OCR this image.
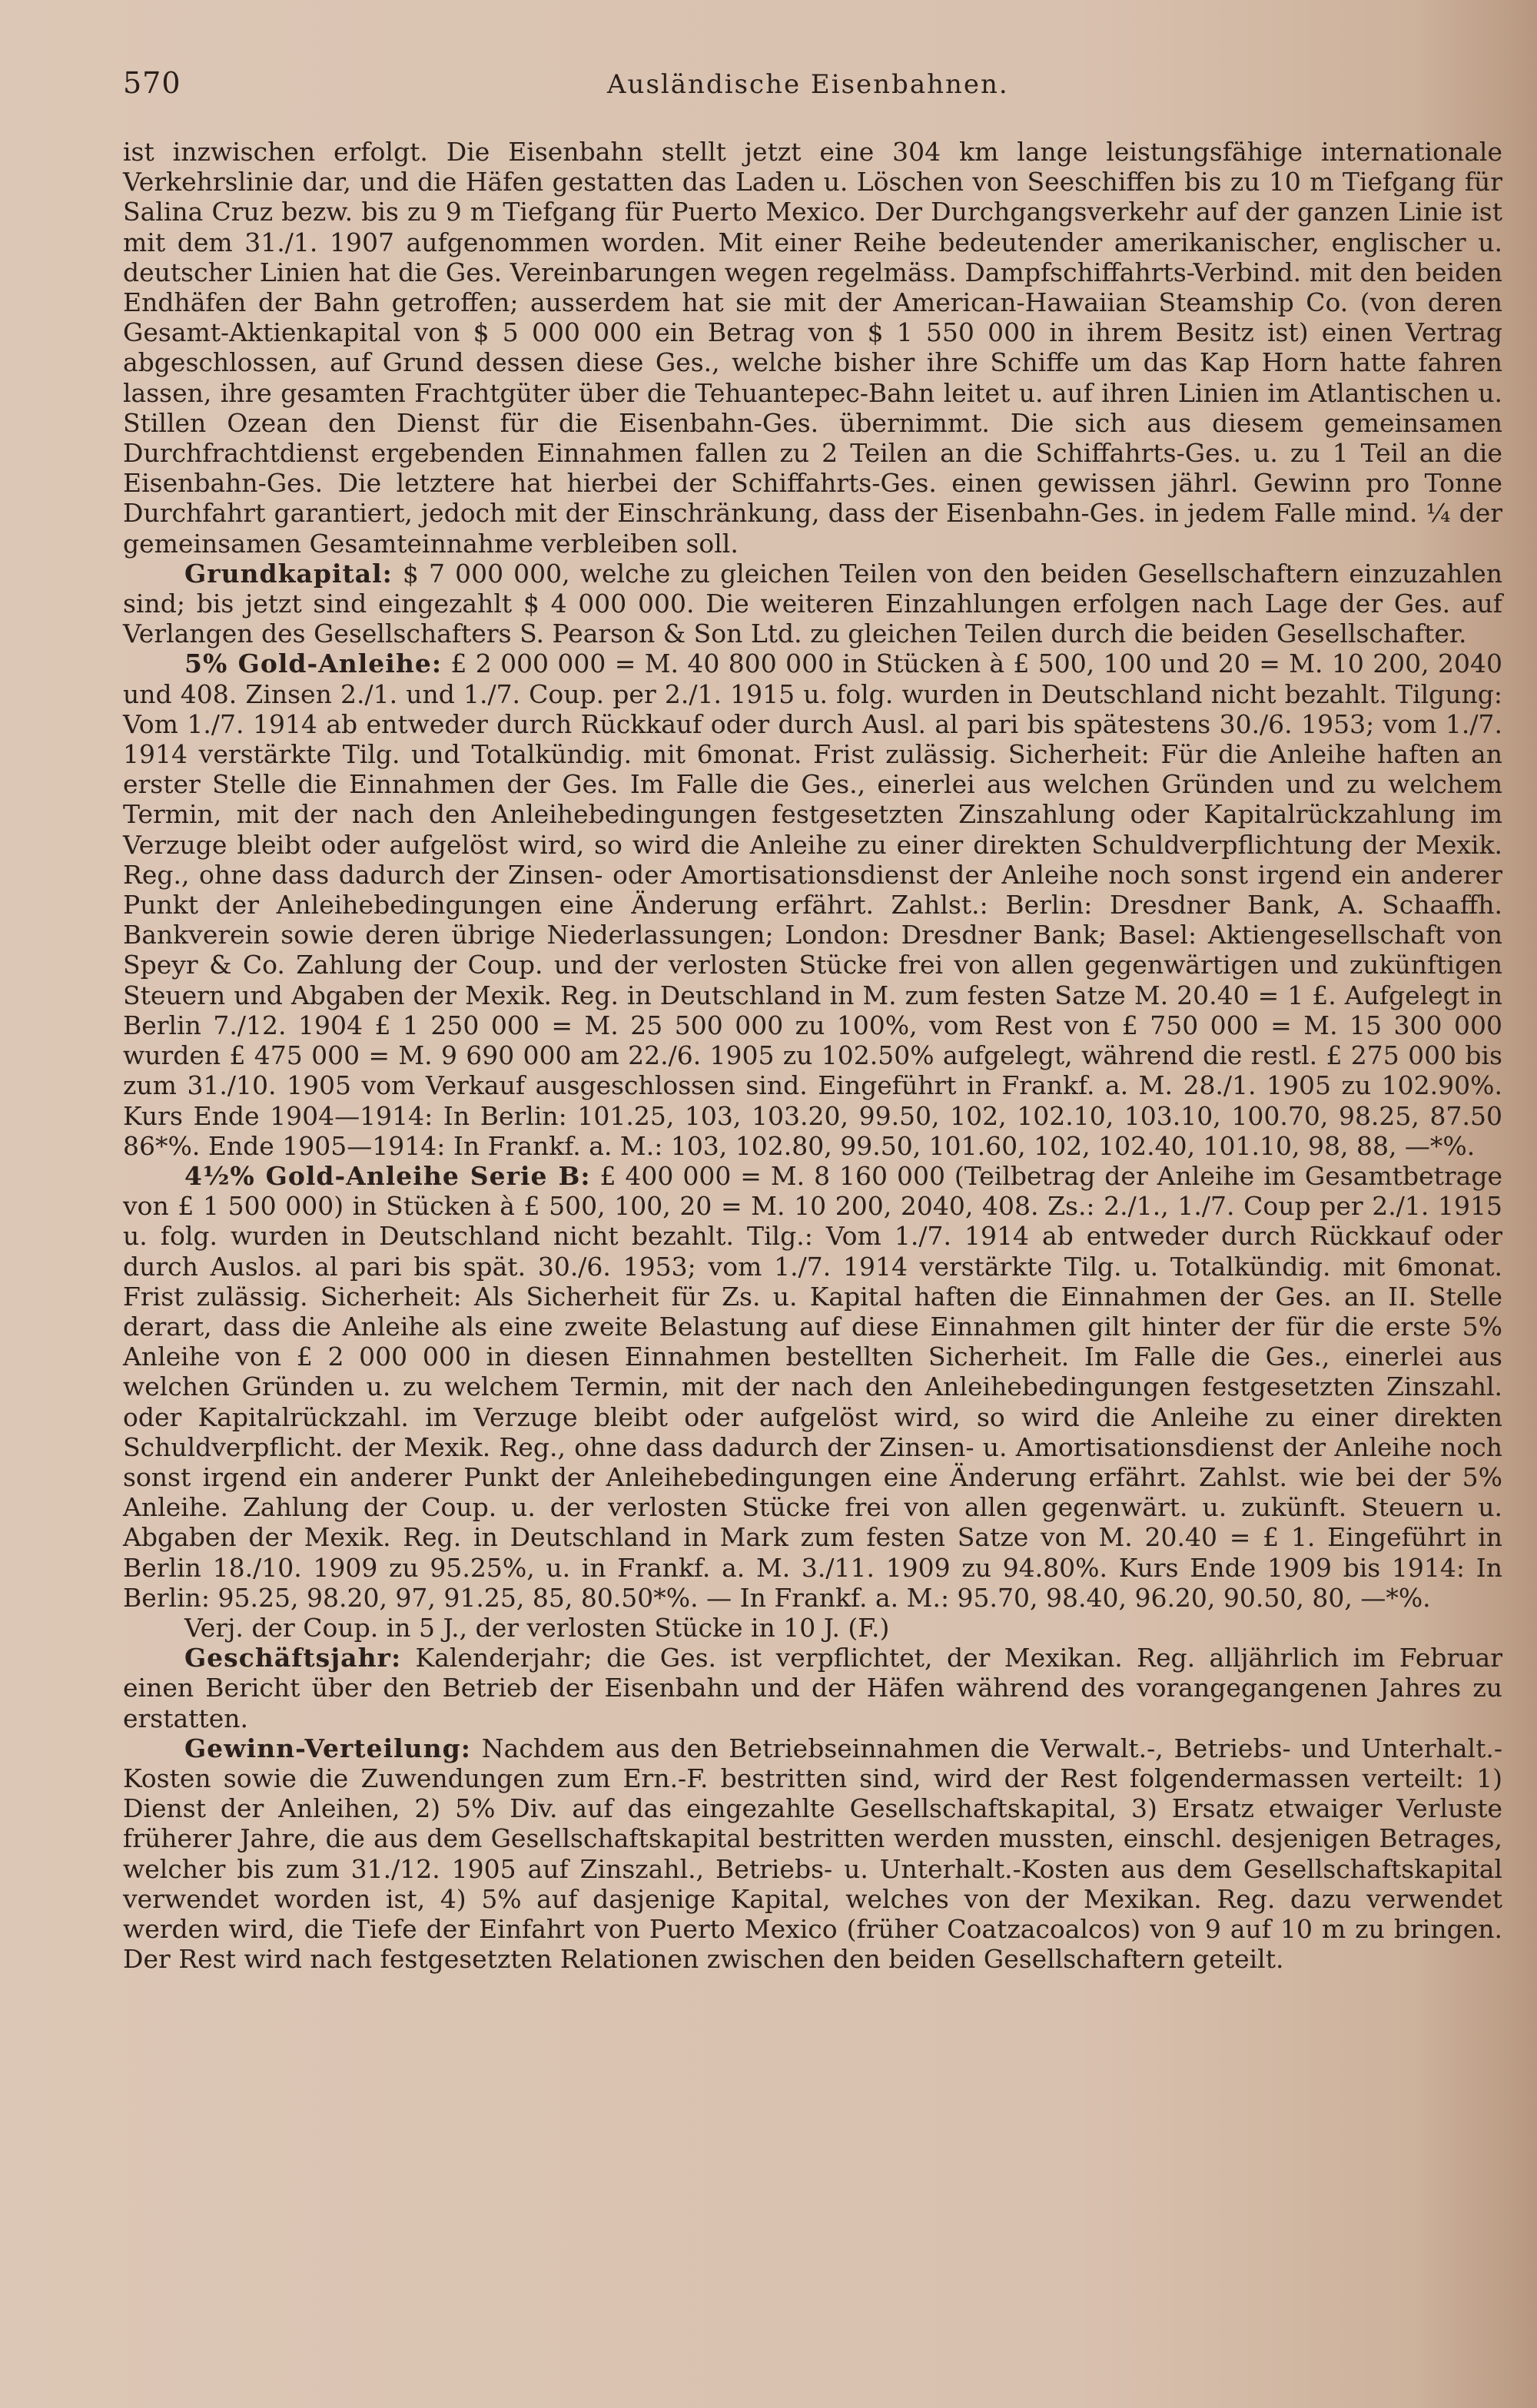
570	Ausländische Eisenbahnen.

ist inzwischen erfolgt. Die Eisenbahn stellt jetzt eine 304 km lange leistungsfähige internationale Verkehrslinie dar, und die Häfen gestatten das Laden u. Löschen von Seeschiffen bis zu 10 m Tiefgang für Salina Cruz bezw. bis zu 9 m Tiefgang für Puerto Mexico. Der Durchgangsverkehr auf der ganzen Linie ist mit dem 31./1. 1907 aufgenommen worden. Mit einer Reihe bedeutender amerikanischer, englischer u. deutscher Linien hat die Ges. Vereinbarungen wegen regelmäss. Dampfschiffahrts-Verbind. mit den beiden Endhäfen der Bahn getroffen; ausserdem hat sie mit der American-Hawaiian Steamship Co. (von deren Gesamt-Aktienkapital von $ 5 000 000 ein Betrag von $ 1 550 000 in ihrem Besitz ist) einen Vertrag abgeschlossen, auf Grund dessen diese Ges., welche bisher ihre Schiffe um das Kap Horn hatte fahren lassen, ihre gesamten Frachtgüter über die Tehuantepec-Bahn leitet u. auf ihren Linien im Atlantischen u. Stillen Ozean den Dienst für die Eisenbahn-Ges. übernimmt. Die sich aus diesem gemeinsamen Durchfrachtdienst ergebenden Einnahmen fallen zu 2 Teilen an die Schiffahrts-Ges. u. zu 1 Teil an die Eisenbahn-Ges. Die letztere hat hierbei der Schiffahrts-Ges. einen gewissen jährl. Gewinn pro Tonne Durchfahrt garantiert, jedoch mit der Einschränkung, dass der Eisenbahn-Ges. in jedem Falle mind. ¼ der gemeinsamen Gesamteinnahme verbleiben soll.

Grundkapital: $ 7 000 000, welche zu gleichen Teilen von den beiden Gesellschaftern einzuzahlen sind; bis jetzt sind eingezahlt $ 4 000 000. Die weiteren Einzahlungen erfolgen nach Lage der Ges. auf Verlangen des Gesellschafters S. Pearson & Son Ltd. zu gleichen Teilen durch die beiden Gesellschafter.

5% Gold-Anleihe: £ 2 000 000 = M. 40 800 000 in Stücken à £ 500, 100 und 20 = M. 10 200, 2040 und 408. Zinsen 2./1. und 1./7. Coup. per 2./1. 1915 u. folg. wurden in Deutschland nicht bezahlt. Tilgung: Vom 1./7. 1914 ab entweder durch Rückkauf oder durch Ausl. al pari bis spätestens 30./6. 1953; vom 1./7. 1914 verstärkte Tilg. und Totalkündig. mit 6monat. Frist zulässig. Sicherheit: Für die Anleihe haften an erster Stelle die Einnahmen der Ges. Im Falle die Ges., einerlei aus welchen Gründen und zu welchem Termin, mit der nach den Anleihebedingungen festgesetzten Zinszahlung oder Kapitalrückzahlung im Verzuge bleibt oder aufgelöst wird, so wird die Anleihe zu einer direkten Schuldverpflichtung der Mexik. Reg., ohne dass dadurch der Zinsen- oder Amortisationsdienst der Anleihe noch sonst irgend ein anderer Punkt der Anleihebedingungen eine Änderung erfährt. Zahlst.: Berlin: Dresdner Bank, A. Schaaffh. Bankverein sowie deren übrige Niederlassungen; London: Dresdner Bank; Basel: Aktiengesellschaft von Speyr & Co. Zahlung der Coup. und der verlosten Stücke frei von allen gegenwärtigen und zukünftigen Steuern und Abgaben der Mexik. Reg. in Deutschland in M. zum festen Satze M. 20.40 = 1 £. Aufgelegt in Berlin 7./12. 1904 £ 1 250 000 = M. 25 500 000 zu 100%, vom Rest von £ 750 000 = M. 15 300 000 wurden £ 475 000 = M. 9 690 000 am 22./6. 1905 zu 102.50% aufgelegt, während die restl. £ 275 000 bis zum 31./10. 1905 vom Verkauf ausgeschlossen sind. Eingeführt in Frankf. a. M. 28./1. 1905 zu 102.90%. Kurs Ende 1904—1914: In Berlin: 101.25, 103, 103.20, 99.50, 102, 102.10, 103.10, 100.70, 98.25, 87.50 86*%. Ende 1905—1914: In Frankf. a. M.: 103, 102.80, 99.50, 101.60, 102, 102.40, 101.10, 98, 88, —*%.

4½% Gold-Anleihe Serie B: £ 400 000 = M. 8 160 000 (Teilbetrag der Anleihe im Gesamtbetrage von £ 1 500 000) in Stücken à £ 500, 100, 20 = M. 10 200, 2040, 408. Zs.: 2./1., 1./7. Coup per 2./1. 1915 u. folg. wurden in Deutschland nicht bezahlt. Tilg.: Vom 1./7. 1914 ab entweder durch Rückkauf oder durch Auslos. al pari bis spät. 30./6. 1953; vom 1./7. 1914 verstärkte Tilg. u. Totalkündig. mit 6monat. Frist zulässig. Sicherheit: Als Sicherheit für Zs. u. Kapital haften die Einnahmen der Ges. an II. Stelle derart, dass die Anleihe als eine zweite Belastung auf diese Einnahmen gilt hinter der für die erste 5% Anleihe von £ 2 000 000 in diesen Einnahmen bestellten Sicherheit. Im Falle die Ges., einerlei aus welchen Gründen u. zu welchem Termin, mit der nach den Anleihebedingungen festgesetzten Zinszahl. oder Kapitalrückzahl. im Verzuge bleibt oder aufgelöst wird, so wird die Anleihe zu einer direkten Schuldverpflicht. der Mexik. Reg., ohne dass dadurch der Zinsen- u. Amortisationsdienst der Anleihe noch sonst irgend ein anderer Punkt der Anleihebedingungen eine Änderung erfährt. Zahlst. wie bei der 5% Anleihe. Zahlung der Coup. u. der verlosten Stücke frei von allen gegenwärt. u. zukünft. Steuern u. Abgaben der Mexik. Reg. in Deutschland in Mark zum festen Satze von M. 20.40 = £ 1. Eingeführt in Berlin 18./10. 1909 zu 95.25%, u. in Frankf. a. M. 3./11. 1909 zu 94.80%. Kurs Ende 1909 bis 1914: In Berlin: 95.25, 98.20, 97, 91.25, 85, 80.50*%. — In Frankf. a. M.: 95.70, 98.40, 96.20, 90.50, 80, —*%.

Verj. der Coup. in 5 J., der verlosten Stücke in 10 J. (F.)

Geschäftsjahr: Kalenderjahr; die Ges. ist verpflichtet, der Mexikan. Reg. alljährlich im Februar einen Bericht über den Betrieb der Eisenbahn und der Häfen während des vorangegangenen Jahres zu erstatten.

Gewinn-Verteilung: Nachdem aus den Betriebseinnahmen die Verwalt.-, Betriebs- und Unterhalt.-Kosten sowie die Zuwendungen zum Ern.-F. bestritten sind, wird der Rest folgendermassen verteilt: 1) Dienst der Anleihen, 2) 5% Div. auf das eingezahlte Gesellschaftskapital, 3) Ersatz etwaiger Verluste früherer Jahre, die aus dem Gesellschaftskapital bestritten werden mussten, einschl. desjenigen Betrages, welcher bis zum 31./12. 1905 auf Zinszahl., Betriebs- u. Unterhalt.-Kosten aus dem Gesellschaftskapital verwendet worden ist, 4) 5% auf dasjenige Kapital, welches von der Mexikan. Reg. dazu verwendet werden wird, die Tiefe der Einfahrt von Puerto Mexico (früher Coatzacoalcos) von 9 auf 10 m zu bringen. Der Rest wird nach festgesetzten Relationen zwischen den beiden Gesellschaftern geteilt.
